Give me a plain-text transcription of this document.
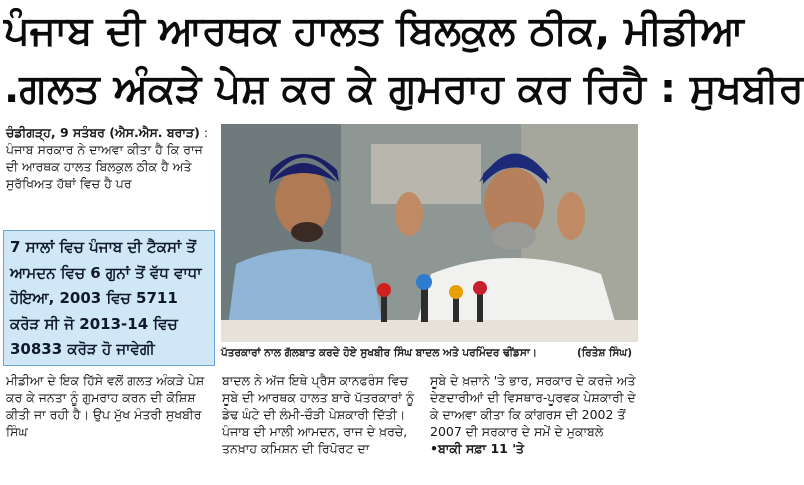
ਪੰਜਾਬ ਦੀ ਆਰਥਕ ਹਾਲਤ ਬਿਲਕੁਲ ਠੀਕ, ਮੀਡੀਆ
.ਗਲਤ ਅੰਕੜੇ ਪੇਸ਼ ਕਰ ਕੇ ਗੁਮਰਾਹ ਕਰ ਰਿਹੈ : ਸੁਖਬੀਰ
ਚੰਡੀਗੜ੍ਹ, 9 ਸਤੰਬਰ (ਐਸ.ਐਸ. ਬਰਾੜ) : ਪੰਜਾਬ ਸਰਕਾਰ ਨੇ ਦਾਅਵਾ ਕੀਤਾ ਹੈ ਕਿ ਰਾਜ ਦੀ ਆਰਥਕ ਹਾਲਤ ਬਿਲਕੁਲ ਠੀਕ ਹੈ ਅਤੇ ਸੁਰੱਖਿਅਤ ਹੱਥਾਂ ਵਿਚ ਹੈ ਪਰ
7 ਸਾਲਾਂ ਵਿਚ ਪੰਜਾਬ ਦੀ ਟੈਕਸਾਂ ਤੋਂ ਆਮਦਨ ਵਿਚ 6 ਗੁਨਾਂ ਤੋਂ ਵੱਧ ਵਾਧਾ ਹੋਇਆ, 2003 ਵਿਚ 5711 ਕਰੋੜ ਸੀ ਜੋ 2013-14 ਵਿਚ 30833 ਕਰੋੜ ਹੋ ਜਾਵੇਗੀ
ਮੀਡੀਆ ਦੇ ਇਕ ਹਿੱਸੇ ਵਲੋਂ ਗਲਤ ਅੰਕੜੇ ਪੇਸ਼ ਕਰ ਕੇ ਜਨਤਾ ਨੂੰ ਗੁਮਰਾਹ ਕਰਨ ਦੀ ਕੋਸ਼ਿਸ਼ ਕੀਤੀ ਜਾ ਰਹੀ ਹੈ। ਉਪ ਮੁੱਖ ਮੰਤਰੀ ਸੁਖਬੀਰ ਸਿੰਘ
ਪੱਤਰਕਾਰਾਂ ਨਾਲ ਗੱਲਬਾਤ ਕਰਦੇ ਹੋਏ ਸੁਖਬੀਰ ਸਿੰਘ ਬਾਦਲ ਅਤੇ ਪਰਮਿੰਦਰ ਢੀਂਡਸਾ।	(ਰਿਤੇਸ਼ ਸਿੰਘ)
ਬਾਦਲ ਨੇ ਅੱਜ ਇਥੇ ਪ੍ਰੈਸ ਕਾਨਫਰੰਸ ਵਿਚ ਸੂਬੇ ਦੀ ਆਰਥਕ ਹਾਲਤ ਬਾਰੇ ਪੱਤਰਕਾਰਾਂ ਨੂੰ ਡੇਢ ਘੰਟੇ ਦੀ ਲੰਮੀ-ਚੌੜੀ ਪੇਸ਼ਕਾਰੀ ਦਿੱਤੀ। ਪੰਜਾਬ ਦੀ ਮਾਲੀ ਆਮਦਨ, ਰਾਜ ਦੇ ਖ਼ਰਚੇ, ਤਨਖ਼ਾਹ ਕਮਿਸ਼ਨ ਦੀ ਰਿਪੋਰਟ ਦਾ
ਸੂਬੇ ਦੇ ਖ਼ਜ਼ਾਨੇ 'ਤੇ ਭਾਰ, ਸਰਕਾਰ ਦੇ ਕਰਜ਼ੇ ਅਤੇ ਦੇਣਦਾਰੀਆਂ ਦੀ ਵਿਸਥਾਰ-ਪੂਰਵਕ ਪੇਸ਼ਕਾਰੀ ਦੇ ਕੇ ਦਾਅਵਾ ਕੀਤਾ ਕਿ ਕਾਂਗਰਸ ਦੀ 2002 ਤੋਂ 2007 ਦੀ ਸਰਕਾਰ ਦੇ ਸਮੇਂ ਦੇ ਮੁਕਾਬਲੇ •ਬਾਕੀ ਸਫ਼ਾ 11 'ਤੇ
